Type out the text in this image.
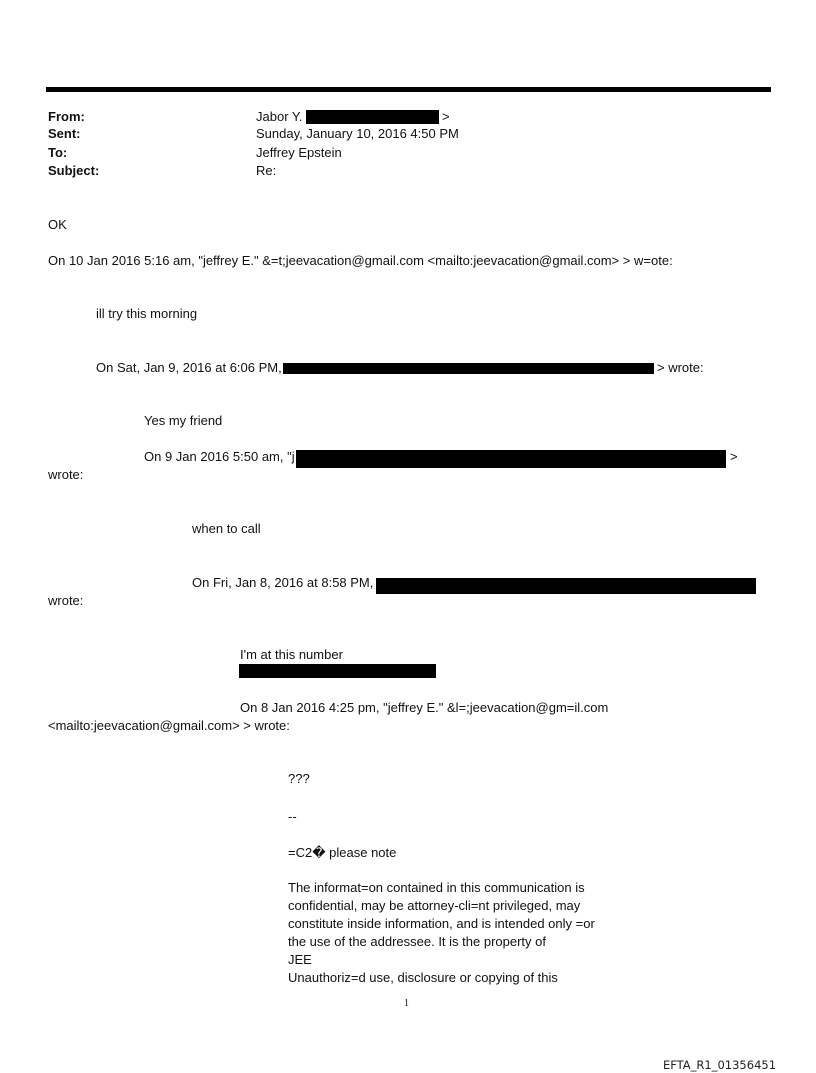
From:	Jabor Y.	>
Sent:	Sunday, January 10, 2016 4:50 PM
To:	Jeffrey Epstein
Subject:	Re:
OK
On 10 Jan 2016 5:16 am, "jeffrey E." &=t;jeevacation@gmail.com <mailto:jeevacation@gmail.com> > w=ote:
ill try this morning
On Sat, Jan 9, 2016 at 6:06 PM,	> wrote:
Yes my friend
On 9 Jan 2016 5:50 am, "j	>
wrote:
when to call
On Fri, Jan 8, 2016 at 8:58 PM,
wrote:
I'm at this number
On 8 Jan 2016 4:25 pm, "jeffrey E." &l=;jeevacation@gm=il.com
<mailto:jeevacation@gmail.com> > wrote:
???
--
=C2� please note
The informat=on contained in this communication is
confidential, may be attorney-cli=nt privileged, may
constitute inside information, and is intended only =or
the use of the addressee. It is the property of
JEE
Unauthoriz=d use, disclosure or copying of this
1
EFTA_R1_01356451
